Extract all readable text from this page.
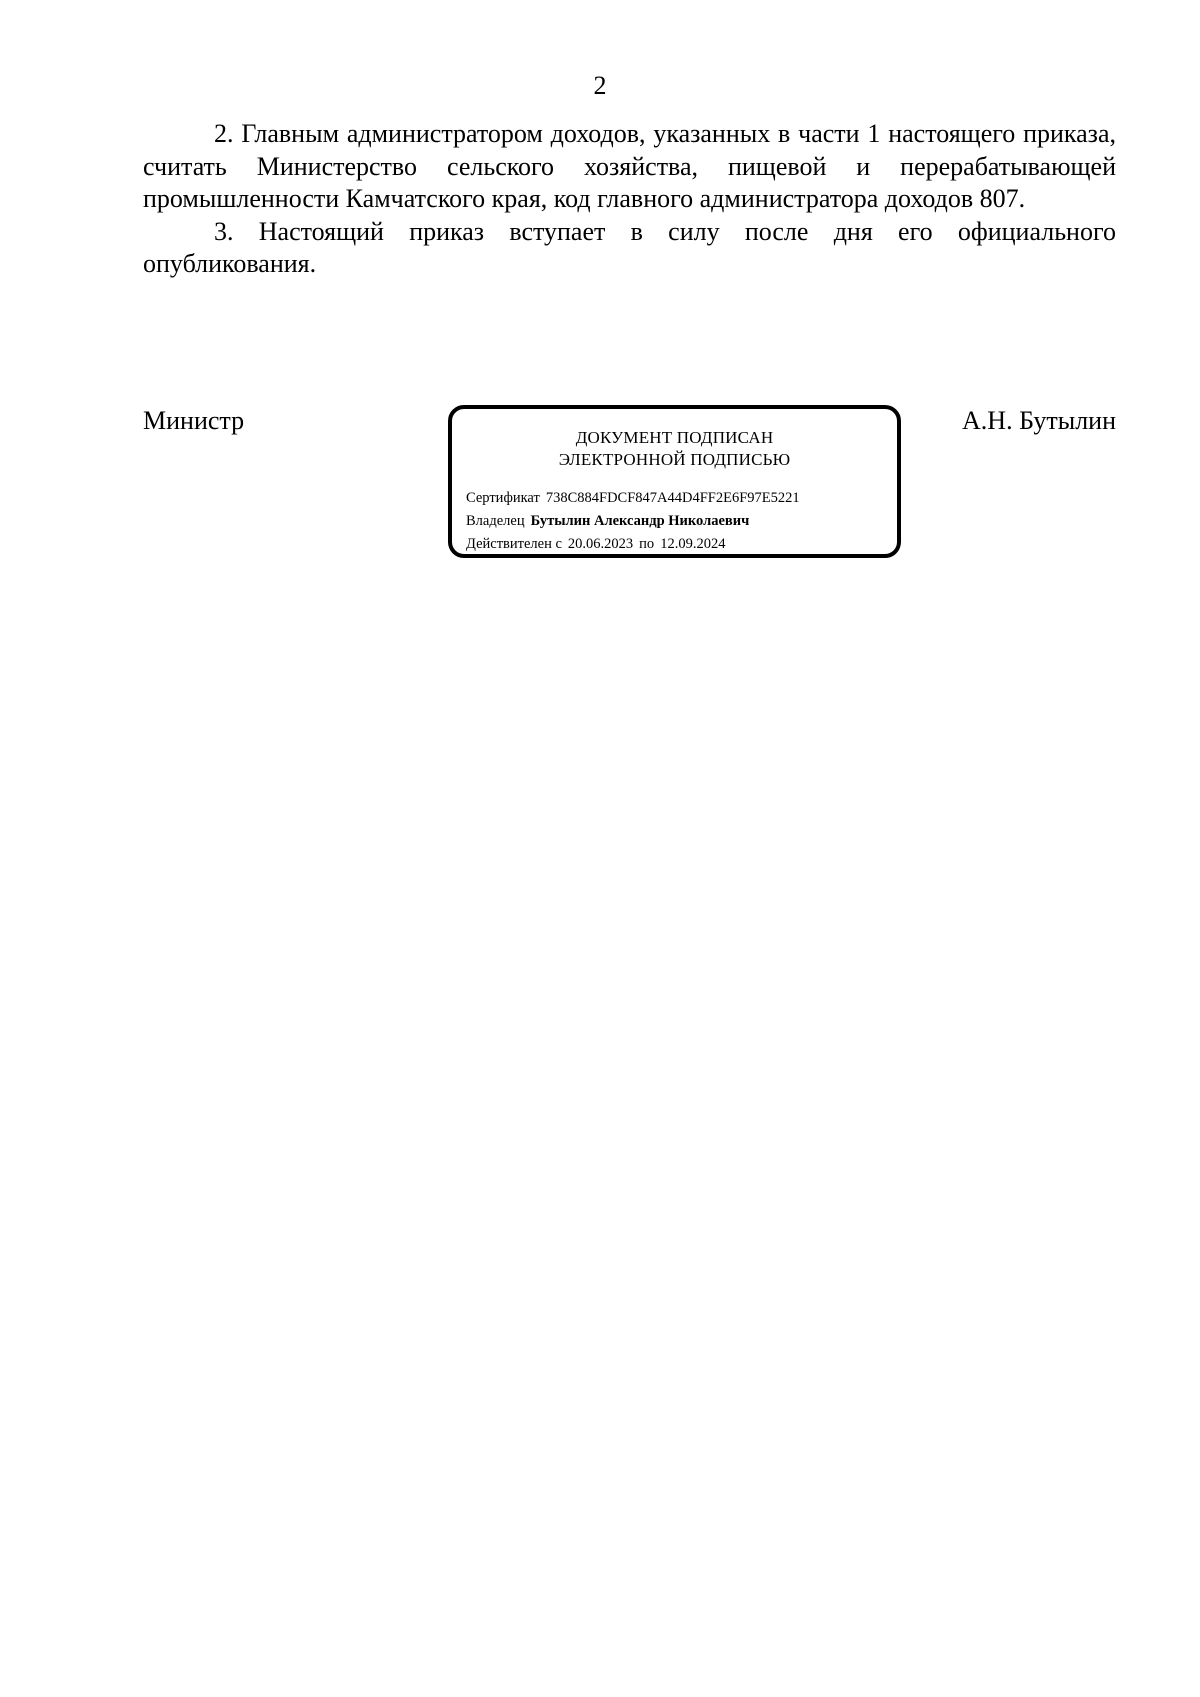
2

2. Главным администратором доходов, указанных в части 1 настоящего приказа, считать Министерство сельского хозяйства, пищевой и перерабатывающей промышленности Камчатского края, код главного администратора доходов 807.

3. Настоящий приказ вступает в силу после дня его официального опубликования.

Министр
ДОКУМЕНТ ПОДПИСАН
ЭЛЕКТРОННОЙ ПОДПИСЬЮ
Сертификат 738C884FDCF847A44D4FF2E6F97E5221
Владелец Бутылин Александр Николаевич
Действителен с 20.06.2023 по 12.09.2024
А.Н. Бутылин
